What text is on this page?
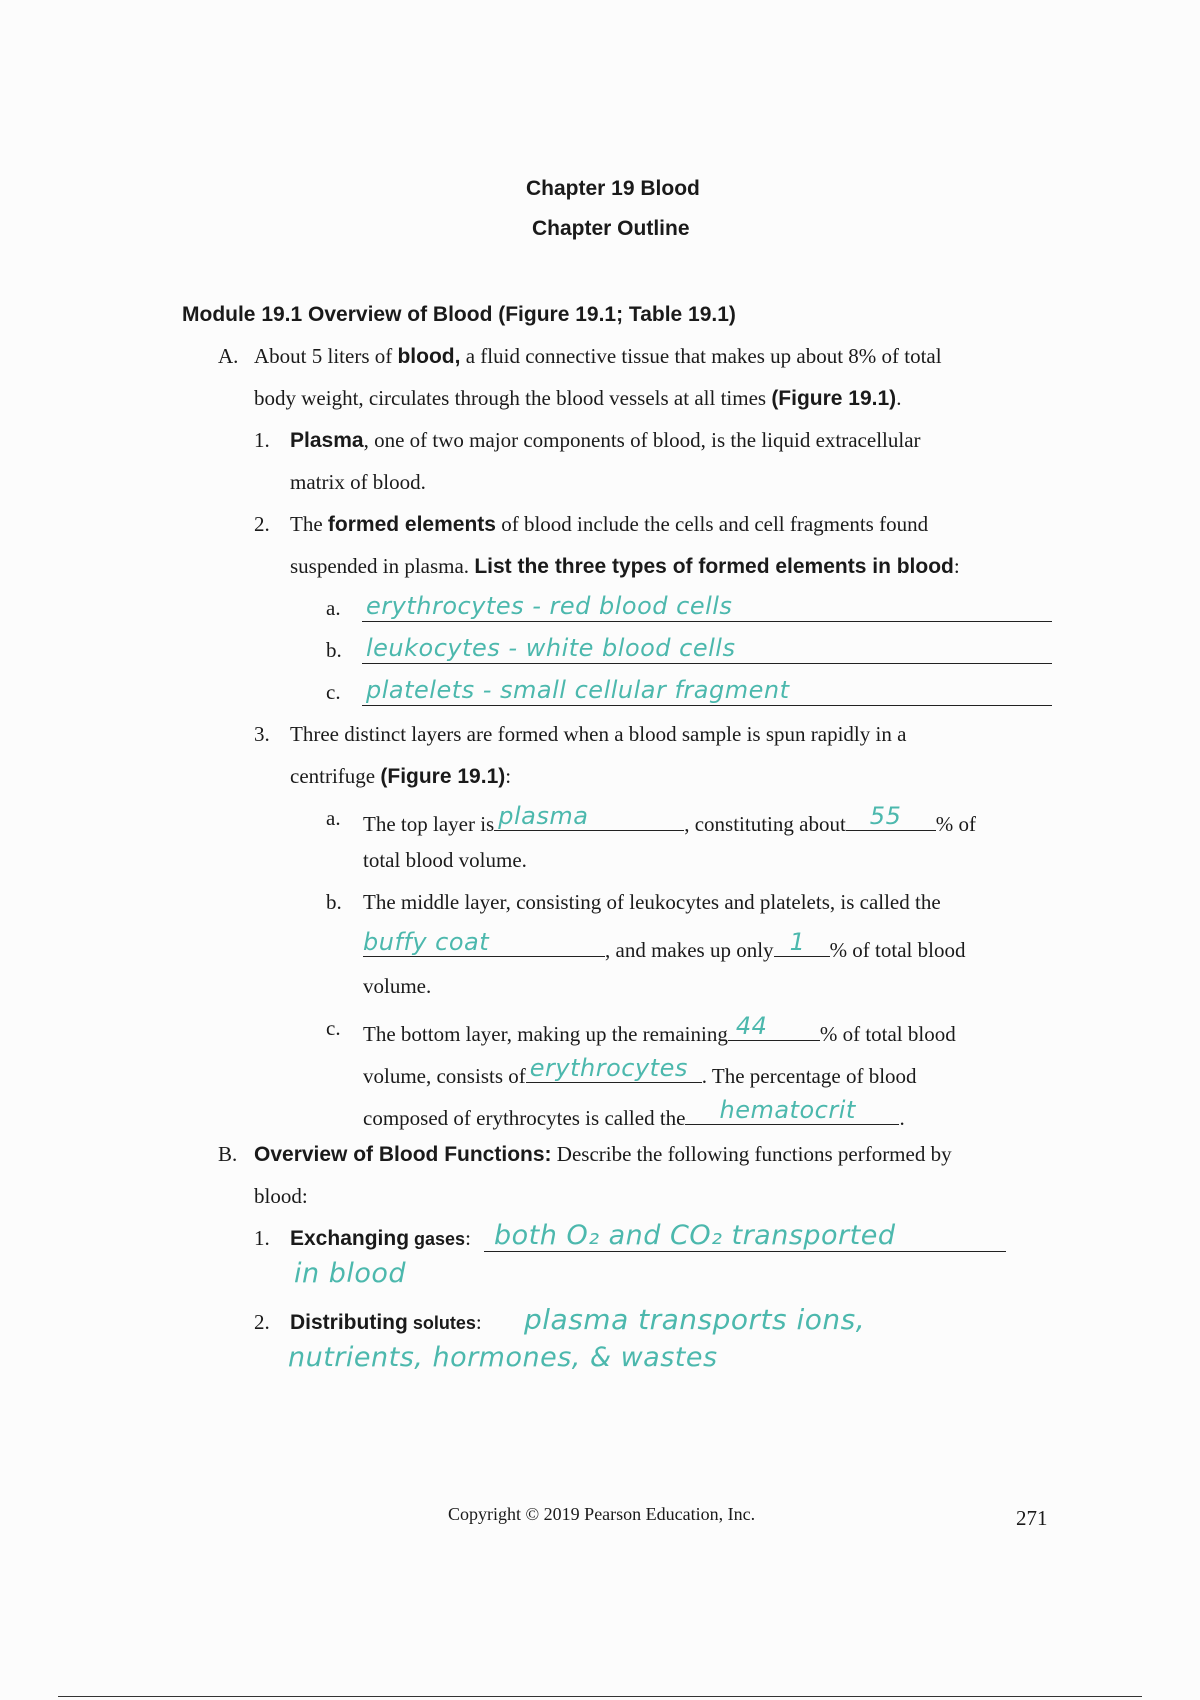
Chapter 19 Blood
Chapter Outline
Module 19.1 Overview of Blood (Figure 19.1; Table 19.1)
A. About 5 liters of blood, a fluid connective tissue that makes up about 8% of total
body weight, circulates through the blood vessels at all times (Figure 19.1).
1. Plasma, one of two major components of blood, is the liquid extracellular
matrix of blood.
2. The formed elements of blood include the cells and cell fragments found
suspended in plasma. List the three types of formed elements in blood:
a. erythrocytes - red blood cells
b. leukocytes - white blood cells
c. platelets - small cellular fragment
3. Three distinct layers are formed when a blood sample is spun rapidly in a
centrifuge (Figure 19.1):
a. The top layer is plasma	, constituting about 55 % of
total blood volume.
b. The middle layer, consisting of leukocytes and platelets, is called the
buffy coat	, and makes up only 1 % of total blood
volume.
c. The bottom layer, making up the remaining 44 % of total blood
volume, consists of erythrocytes . The percentage of blood
composed of erythrocytes is called the hematocrit .
B. Overview of Blood Functions: Describe the following functions performed by
blood:
1. Exchanging gases: both O₂ and CO₂ transported
in blood
2. Distributing solutes: plasma transports ions,
nutrients, hormones, & wastes
Copyright © 2019 Pearson Education, Inc.	271
